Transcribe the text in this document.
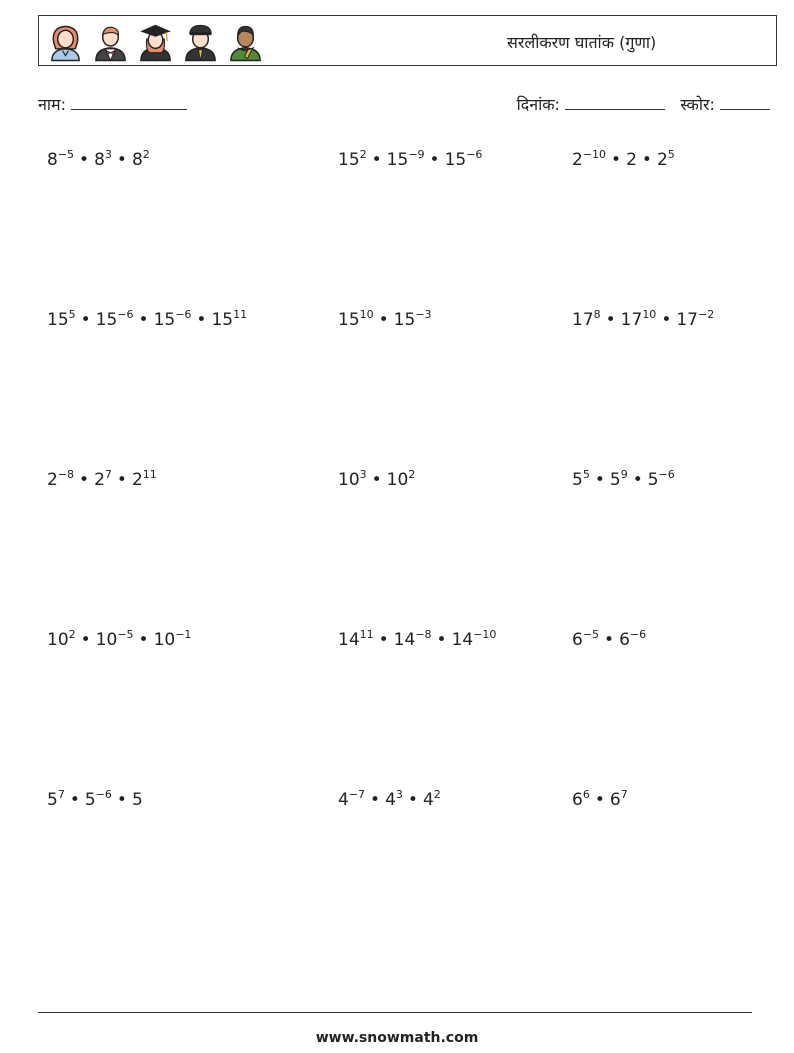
सरलीकरण घातांक (गुणा)
नाम:	दिनांक:	स्कोर:
$8^{-5}$ • $8^3$ • $8^2$	$15^2$ • $15^{-9}$ • $15^{-6}$	$2^{-10}$ • 2 • $2^5$
$15^5$ • $15^{-6}$ • $15^{-6}$ • $15^{11}$	$15^{10}$ • $15^{-3}$	$17^8$ • $17^{10}$ • $17^{-2}$
$2^{-8}$ • $2^7$ • $2^{11}$	$10^3$ • $10^2$	$5^5$ • $5^9$ • $5^{-6}$
$10^2$ • $10^{-5}$ • $10^{-1}$	$14^{11}$ • $14^{-8}$ • $14^{-10}$	$6^{-5}$ • $6^{-6}$
$5^7$ • $5^{-6}$ • 5	$4^{-7}$ • $4^3$ • $4^2$	$6^6$ • $6^7$
www.snowmath.com
